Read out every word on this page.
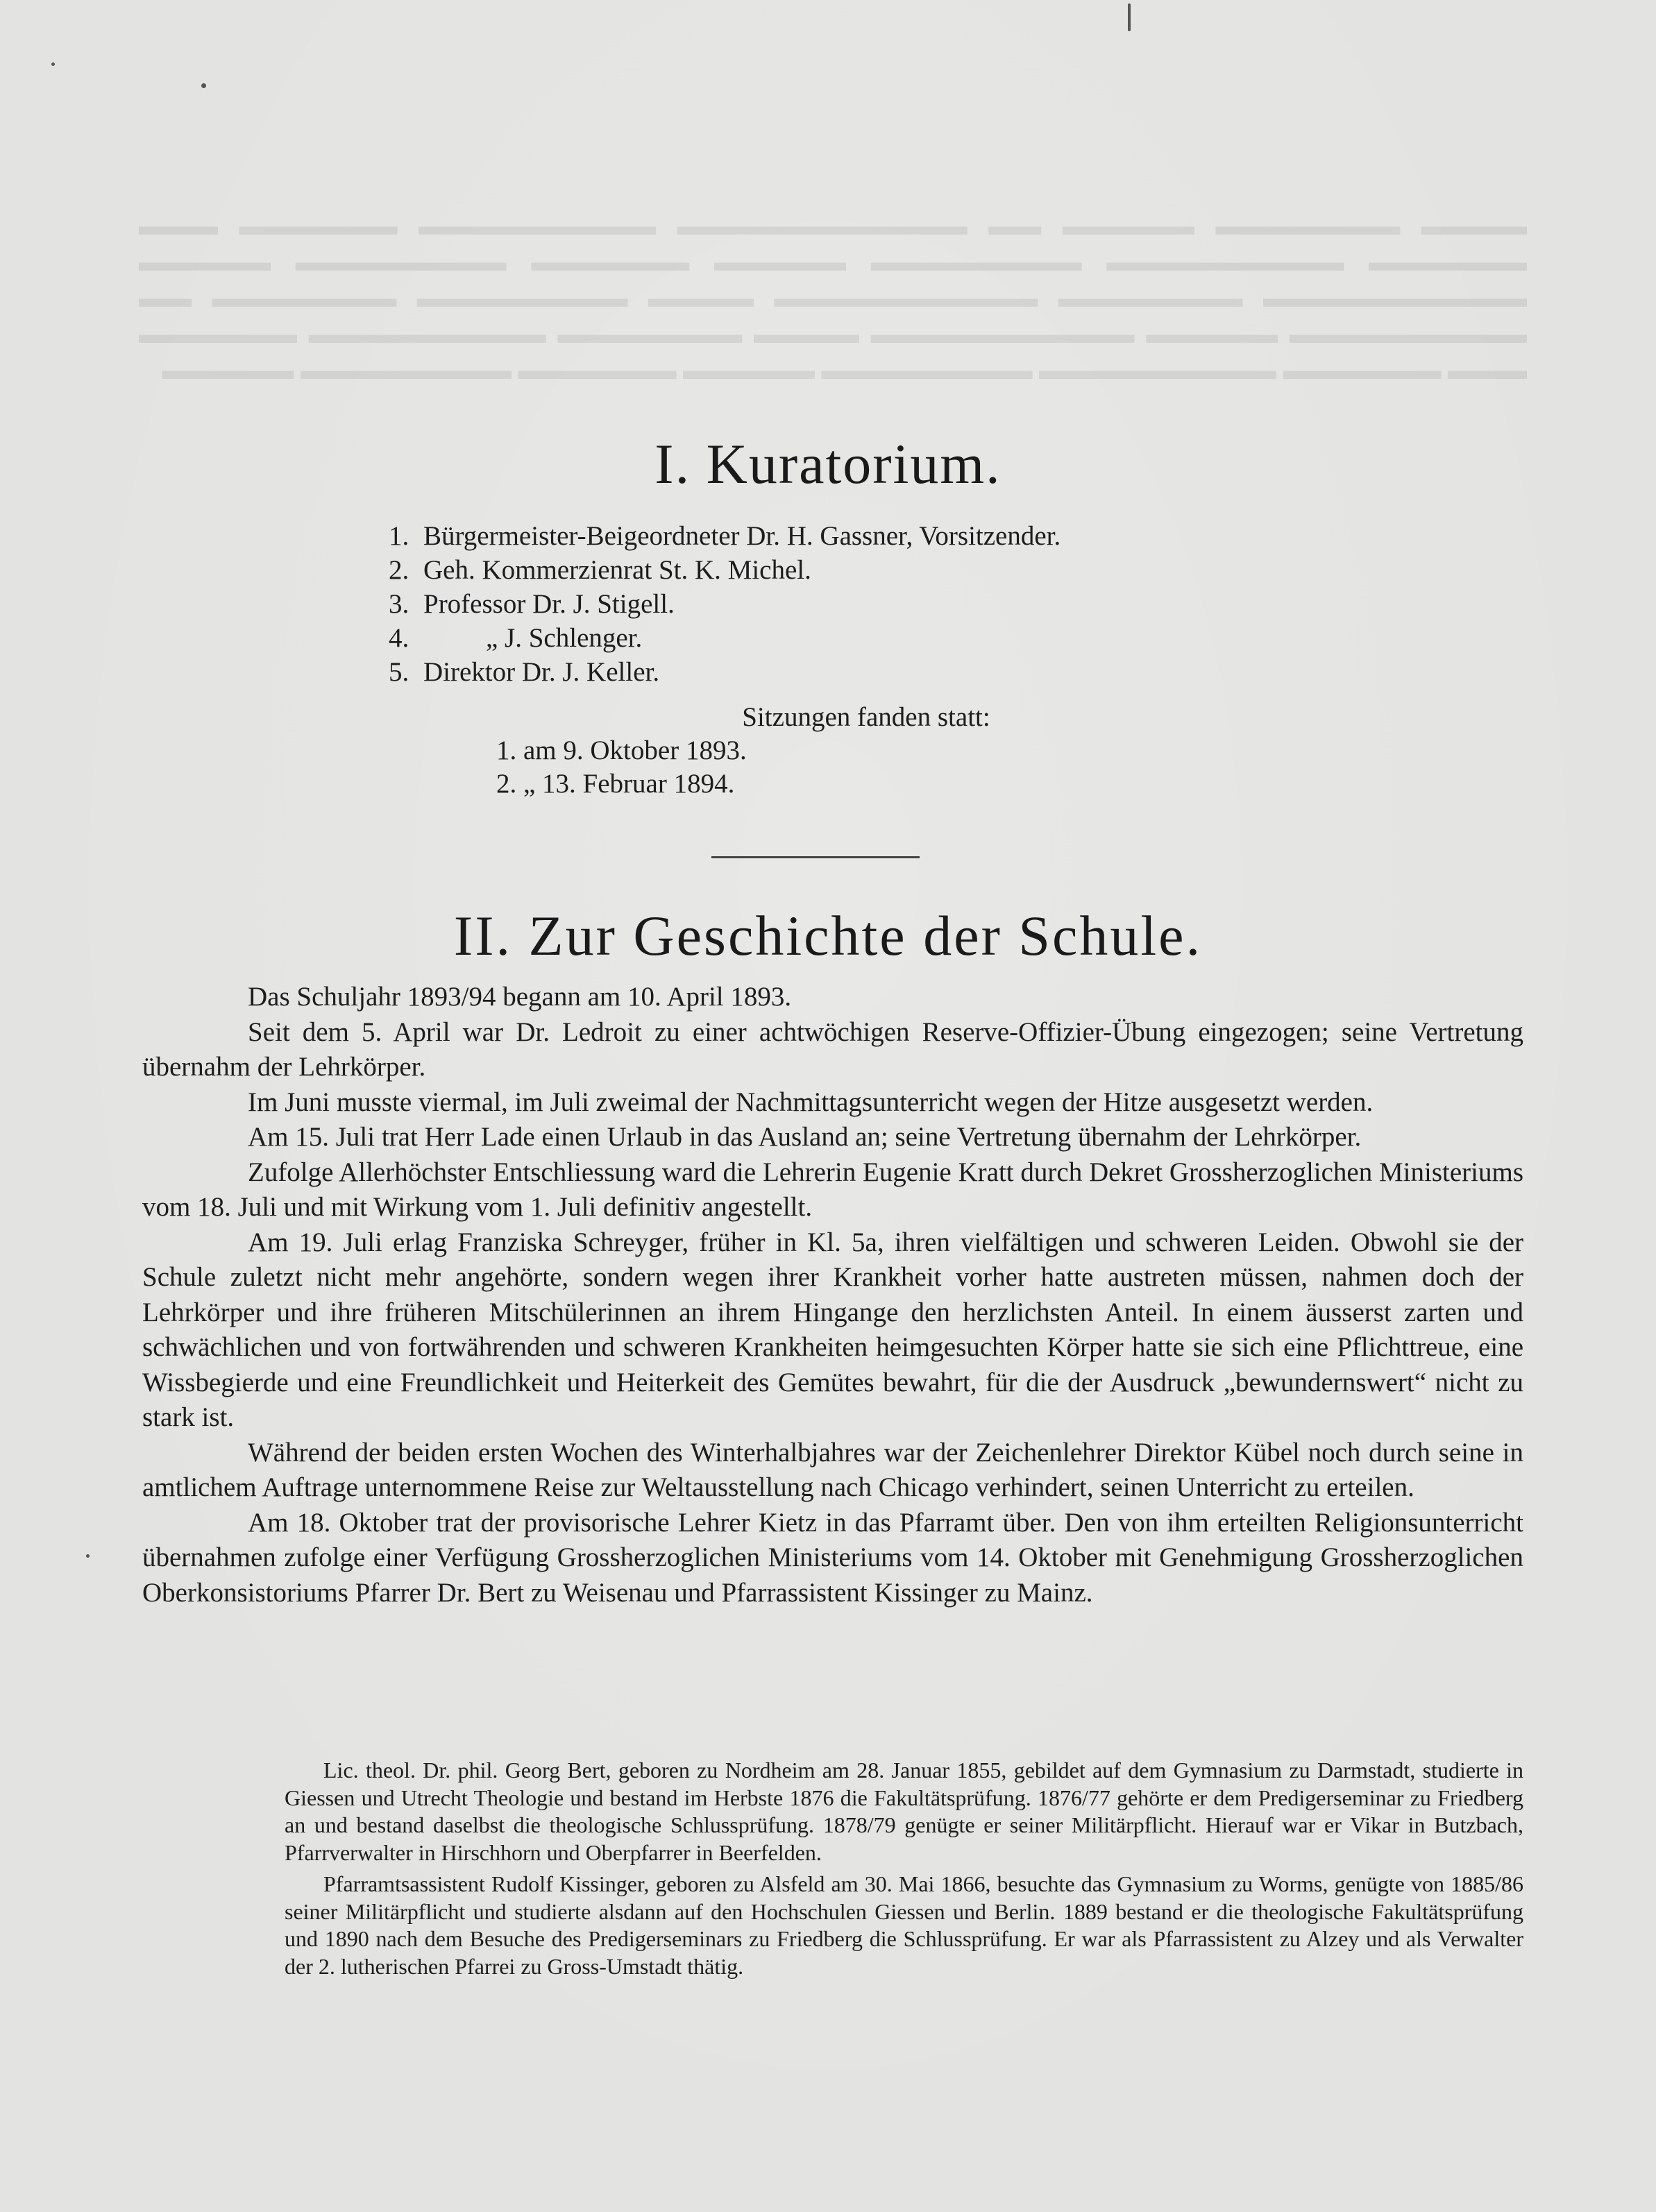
▬▬▬▬ ▬▬▬▬▬▬▬ ▬▬▬▬▬ ▬▬ ▬▬▬▬▬▬▬▬▬▬▬ ▬▬▬▬▬▬▬▬▬ ▬▬▬▬▬▬ ▬▬▬ ▬▬▬▬▬▬ ▬▬▬▬▬▬▬▬▬ ▬▬▬▬▬▬▬▬ ▬▬▬▬▬ ▬▬▬▬▬▬ ▬▬▬▬▬▬▬▬ ▬▬▬▬▬ ▬▬▬▬▬▬▬▬▬▬ ▬▬▬▬▬▬▬ ▬▬▬▬▬▬▬▬▬▬ ▬▬▬▬ ▬▬▬▬▬▬▬▬ ▬▬▬▬▬▬▬ ▬▬ ▬▬▬▬▬▬▬▬▬ ▬▬▬▬▬ ▬▬▬▬▬▬▬▬▬▬ ▬▬▬▬ ▬▬▬▬▬▬▬ ▬▬▬▬▬▬▬▬▬ ▬▬▬▬▬▬ ▬▬▬ ▬▬▬▬▬▬ ▬▬▬▬▬▬▬▬▬ ▬▬▬▬▬▬▬▬ ▬▬▬▬▬ ▬▬▬▬▬▬ ▬▬▬▬▬▬▬▬ ▬▬▬▬▬
I. Kuratorium.
1. Bürgermeister-Beigeordneter Dr. H. Gassner, Vorsitzender.
2. Geh. Kommerzienrat St. K. Michel.
3. Professor Dr. J. Stigell.
4.	„ J. Schlenger.
5. Direktor Dr. J. Keller.
Sitzungen fanden statt:
1. am 9. Oktober 1893.
2. „ 13. Februar 1894.
II. Zur Geschichte der Schule.

Das Schuljahr 1893/94 begann am 10. April 1893.

Seit dem 5. April war Dr. Ledroit zu einer achtwöchigen Reserve-Offizier-Übung eingezogen; seine Vertretung übernahm der Lehrkörper.

Im Juni musste viermal, im Juli zweimal der Nachmittagsunterricht wegen der Hitze ausgesetzt werden.

Am 15. Juli trat Herr Lade einen Urlaub in das Ausland an; seine Vertretung übernahm der Lehrkörper.

Zufolge Allerhöchster Entschliessung ward die Lehrerin Eugenie Kratt durch Dekret Grossherzoglichen Ministeriums vom 18. Juli und mit Wirkung vom 1. Juli definitiv angestellt.

Am 19. Juli erlag Franziska Schreyger, früher in Kl. 5a, ihren vielfältigen und schweren Leiden. Obwohl sie der Schule zuletzt nicht mehr angehörte, sondern wegen ihrer Krankheit vorher hatte austreten müssen, nahmen doch der Lehrkörper und ihre früheren Mitschülerinnen an ihrem Hingange den herzlichsten Anteil. In einem äusserst zarten und schwächlichen und von fortwährenden und schweren Krankheiten heimgesuchten Körper hatte sie sich eine Pflichttreue, eine Wissbegierde und eine Freundlichkeit und Heiterkeit des Gemütes bewahrt, für die der Ausdruck „bewundernswert“ nicht zu stark ist.

Während der beiden ersten Wochen des Winterhalbjahres war der Zeichenlehrer Direktor Kübel noch durch seine in amtlichem Auftrage unternommene Reise zur Weltausstellung nach Chicago verhindert, seinen Unterricht zu erteilen.

Am 18. Oktober trat der provisorische Lehrer Kietz in das Pfarramt über. Den von ihm erteilten Religionsunterricht übernahmen zufolge einer Verfügung Grossherzoglichen Ministeriums vom 14. Oktober mit Genehmigung Grossherzoglichen Oberkonsistoriums Pfarrer Dr. Bert zu Weisenau und Pfarrassistent Kissinger zu Mainz.

Lic. theol. Dr. phil. Georg Bert, geboren zu Nordheim am 28. Januar 1855, gebildet auf dem Gymnasium zu Darmstadt, studierte in Giessen und Utrecht Theologie und bestand im Herbste 1876 die Fakultätsprüfung. 1876/77 gehörte er dem Predigerseminar zu Friedberg an und bestand daselbst die theologische Schlussprüfung. 1878/79 genügte er seiner Militärpflicht. Hierauf war er Vikar in Butzbach, Pfarrverwalter in Hirschhorn und Oberpfarrer in Beerfelden.

Pfarramtsassistent Rudolf Kissinger, geboren zu Alsfeld am 30. Mai 1866, besuchte das Gymnasium zu Worms, genügte von 1885/86 seiner Militärpflicht und studierte alsdann auf den Hochschulen Giessen und Berlin. 1889 bestand er die theologische Fakultätsprüfung und 1890 nach dem Besuche des Predigerseminars zu Friedberg die Schlussprüfung. Er war als Pfarrassistent zu Alzey und als Verwalter der 2. lutherischen Pfarrei zu Gross-Umstadt thätig.
